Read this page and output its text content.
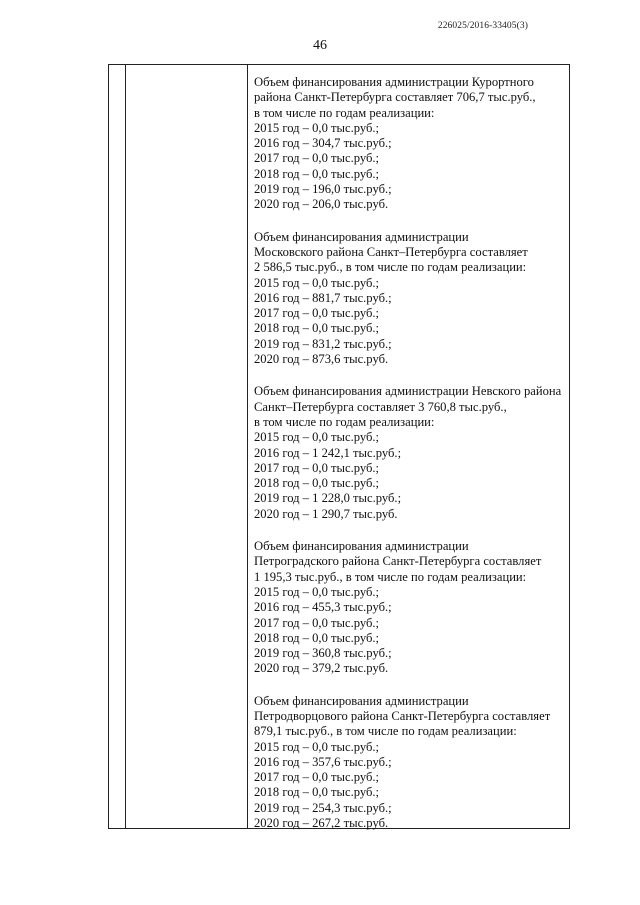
226025/2016-33405(3)
46
Объем финансирования администрации Курортного
района Санкт-Петербурга составляет 706,7 тыс.руб.,
в том числе по годам реализации:
2015 год – 0,0 тыс.руб.;
2016 год – 304,7 тыс.руб.;
2017 год – 0,0 тыс.руб.;
2018 год – 0,0 тыс.руб.;
2019 год – 196,0 тыс.руб.;
2020 год – 206,0 тыс.руб.
Объем финансирования администрации
Московского района Санкт–Петербурга составляет
2 586,5 тыс.руб., в том числе по годам реализации:
2015 год – 0,0 тыс.руб.;
2016 год – 881,7 тыс.руб.;
2017 год – 0,0 тыс.руб.;
2018 год – 0,0 тыс.руб.;
2019 год – 831,2 тыс.руб.;
2020 год – 873,6 тыс.руб.
Объем финансирования администрации Невского района
Санкт–Петербурга составляет 3 760,8 тыс.руб.,
в том числе по годам реализации:
2015 год – 0,0 тыс.руб.;
2016 год – 1 242,1 тыс.руб.;
2017 год – 0,0 тыс.руб.;
2018 год – 0,0 тыс.руб.;
2019 год – 1 228,0 тыс.руб.;
2020 год – 1 290,7 тыс.руб.
Объем финансирования администрации
Петроградского района Санкт-Петербурга составляет
1 195,3 тыс.руб., в том числе по годам реализации:
2015 год – 0,0 тыс.руб.;
2016 год – 455,3 тыс.руб.;
2017 год – 0,0 тыс.руб.;
2018 год – 0,0 тыс.руб.;
2019 год – 360,8 тыс.руб.;
2020 год – 379,2 тыс.руб.
Объем финансирования администрации
Петродворцового района Санкт-Петербурга составляет
879,1 тыс.руб., в том числе по годам реализации:
2015 год – 0,0 тыс.руб.;
2016 год – 357,6 тыс.руб.;
2017 год – 0,0 тыс.руб.;
2018 год – 0,0 тыс.руб.;
2019 год – 254,3 тыс.руб.;
2020 год – 267,2 тыс.руб.
